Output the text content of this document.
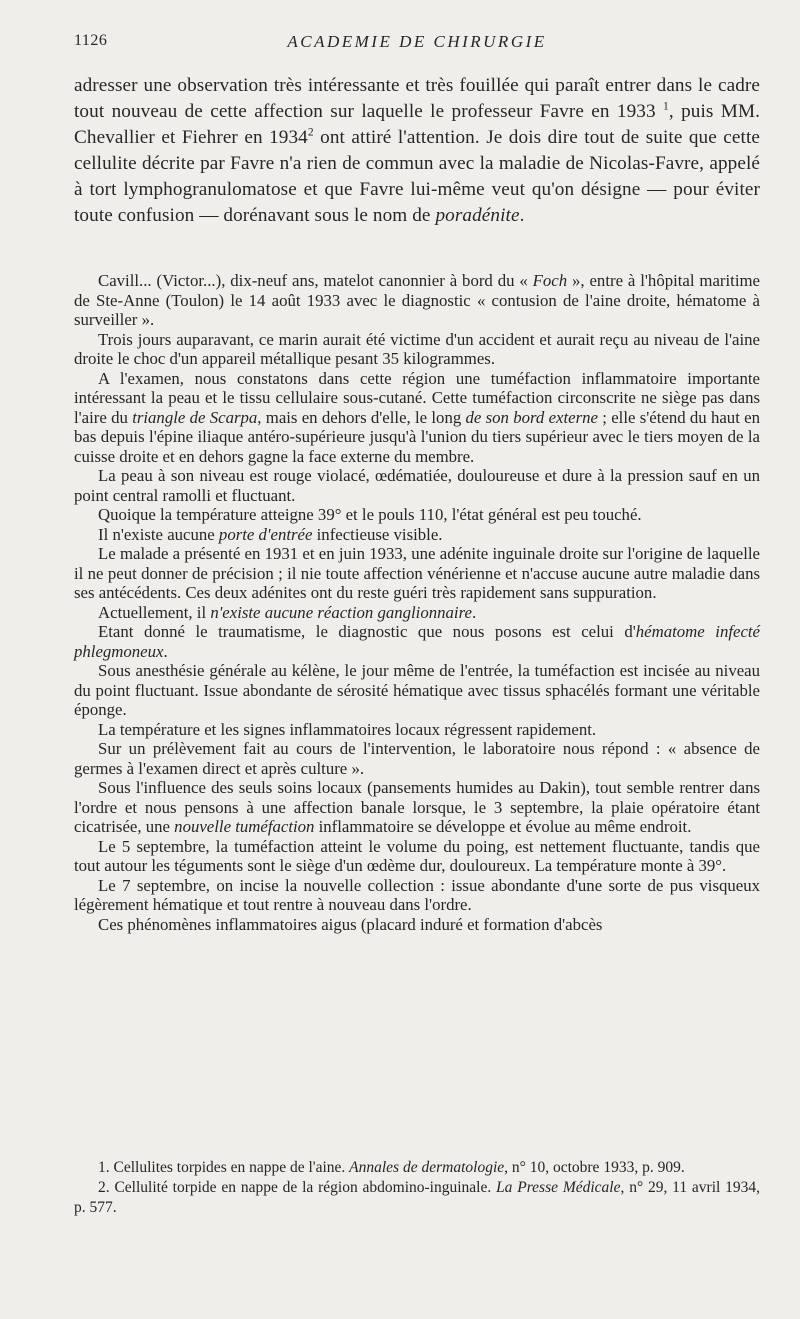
1126	ACADEMIE DE CHIRURGIE

adresser une observation très intéressante et très fouillée qui paraît entrer dans le cadre tout nouveau de cette affection sur laquelle le professeur Favre en 1933 $^1$, puis MM. Chevallier et Fiehrer en 1934$^2$ ont attiré l'attention. Je dois dire tout de suite que cette cellulite décrite par Favre n'a rien de commun avec la maladie de Nicolas-Favre, appelé à tort lymphogranulomatose et que Favre lui-même veut qu'on désigne — pour éviter toute confusion — dorénavant sous le nom de poradénite.

Cavill... (Victor...), dix-neuf ans, matelot canonnier à bord du « Foch », entre à l'hôpital maritime de Ste-Anne (Toulon) le 14 août 1933 avec le diagnostic « contusion de l'aine droite, hématome à surveiller ».

Trois jours auparavant, ce marin aurait été victime d'un accident et aurait reçu au niveau de l'aine droite le choc d'un appareil métallique pesant 35 kilogrammes.

A l'examen, nous constatons dans cette région une tuméfaction inflammatoire importante intéressant la peau et le tissu cellulaire sous-cutané. Cette tuméfaction circonscrite ne siège pas dans l'aire du triangle de Scarpa, mais en dehors d'elle, le long de son bord externe ; elle s'étend du haut en bas depuis l'épine iliaque antéro-supérieure jusqu'à l'union du tiers supérieur avec le tiers moyen de la cuisse droite et en dehors gagne la face externe du membre.

La peau à son niveau est rouge violacé, œdématiée, douloureuse et dure à la pression sauf en un point central ramolli et fluctuant.

Quoique la température atteigne 39° et le pouls 110, l'état général est peu touché.

Il n'existe aucune porte d'entrée infectieuse visible.

Le malade a présenté en 1931 et en juin 1933, une adénite inguinale droite sur l'origine de laquelle il ne peut donner de précision ; il nie toute affection vénérienne et n'accuse aucune autre maladie dans ses antécédents. Ces deux adénites ont du reste guéri très rapidement sans suppuration.

Actuellement, il n'existe aucune réaction ganglionnaire.

Etant donné le traumatisme, le diagnostic que nous posons est celui d'hématome infecté phlegmoneux.

Sous anesthésie générale au kélène, le jour même de l'entrée, la tuméfaction est incisée au niveau du point fluctuant. Issue abondante de sérosité hématique avec tissus sphacélés formant une véritable éponge.

La température et les signes inflammatoires locaux régressent rapidement.

Sur un prélèvement fait au cours de l'intervention, le laboratoire nous répond : « absence de germes à l'examen direct et après culture ».

Sous l'influence des seuls soins locaux (pansements humides au Dakin), tout semble rentrer dans l'ordre et nous pensons à une affection banale lorsque, le 3 septembre, la plaie opératoire étant cicatrisée, une nouvelle tuméfaction inflammatoire se développe et évolue au même endroit.

Le 5 septembre, la tuméfaction atteint le volume du poing, est nettement fluctuante, tandis que tout autour les téguments sont le siège d'un œdème dur, douloureux. La température monte à 39°.

Le 7 septembre, on incise la nouvelle collection : issue abondante d'une sorte de pus visqueux légèrement hématique et tout rentre à nouveau dans l'ordre.

Ces phénomènes inflammatoires aigus (placard induré et formation d'abcès

1. Cellulites torpides en nappe de l'aine. Annales de dermatologie, n° 10, octobre 1933, p. 909.

2. Cellulité torpide en nappe de la région abdomino-inguinale. La Presse Médicale, n° 29, 11 avril 1934, p. 577.
